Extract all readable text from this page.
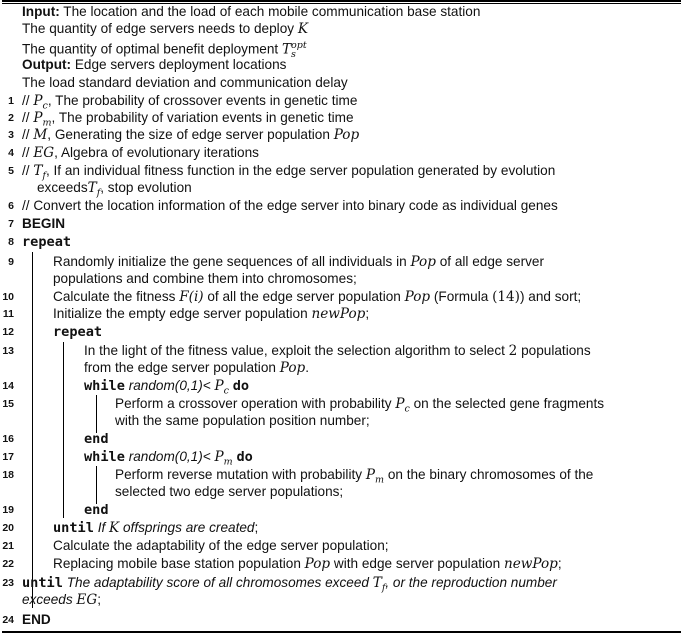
Input: The location and the load of each mobile communication base station
The quantity of edge servers needs to deploy K
The quantity of optimal benefit deployment $T_s^{opt}$
Output: Edge servers deployment locations
The load standard deviation and communication delay
$1 // P_c$, The probability of crossover events in genetic time
$2 // P_m$, The probability of variation events in genetic time
3 // M, Generating the size of edge server population Pop
4 // EG, Algebra of evolutionary iterations
$5 // T_f$, If an individual fitness function in the edge server population generated by evolution
exceedsT$_f$, stop evolution
6 // Convert the location information of the edge server into binary code as individual genes
7 BEGIN
8 repeat
9	Randomly initialize the gene sequences of all individuals in Pop of all edge server
populations and combine them into chromosomes;
10	Calculate the fitness F(i) of all the edge server population Pop (Formula (14)) and sort;
11	Initialize the empty edge server population newPop;
12	repeat
13	In the light of the fitness value, exploit the selection algorithm to select 2 populations
from the edge server population Pop.
14	while random(0,1)< $P_c$ do
15	Perform a crossover operation with probability $P_c$ on the selected gene fragments
with the same population position number;
16	end
17	while random(0,1)< $P_m$ do
18	Perform reverse mutation with probability $P_m$ on the binary chromosomes of the
selected two edge server populations;
19	end
20	until If K offsprings are created;
21	Calculate the adaptability of the edge server population;
22	Replacing mobile base station population Pop with edge server population newPop;
23 until The adaptability score of all chromosomes exceed $T_f$, or the reproduction number
exceeds EG;
24 END
